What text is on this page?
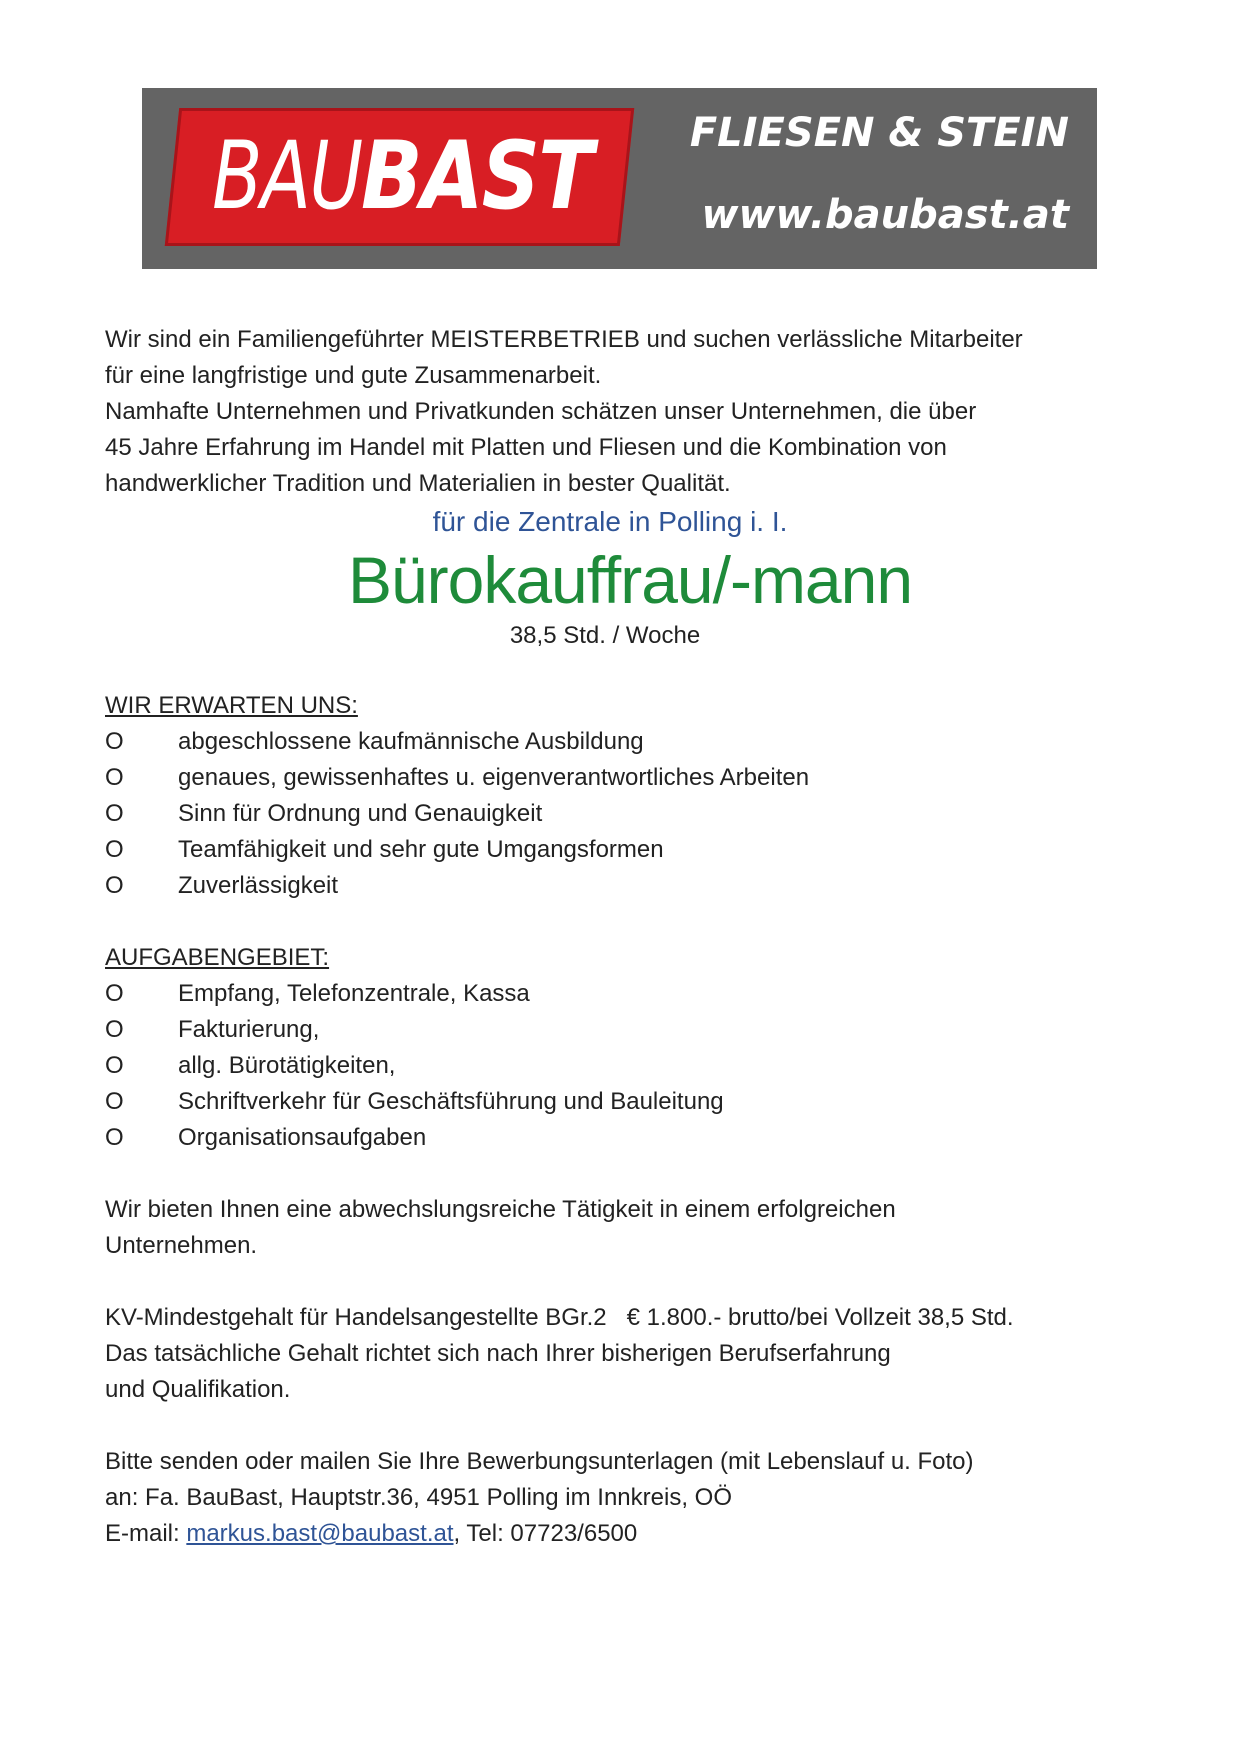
BAU BAST FLIESEN & STEIN
www.baubast.at

Wir sind ein Familiengeführter MEISTERBETRIEB und suchen verlässliche Mitarbeiter

für eine langfristige und gute Zusammenarbeit.

Namhafte Unternehmen und Privatkunden schätzen unser Unternehmen, die über

45 Jahre Erfahrung im Handel mit Platten und Fliesen und die Kombination von

handwerklicher Tradition und Materialien in bester Qualität.

für die Zentrale in Polling i. I.

Bürokauffrau/-mann

38,5 Std. / Woche

WIR ERWARTEN UNS:

O	abgeschlossene kaufmännische Ausbildung
O	genaues, gewissenhaftes u. eigenverantwortliches Arbeiten
O	Sinn für Ordnung und Genauigkeit
O	Teamfähigkeit und sehr gute Umgangsformen
O	Zuverlässigkeit

AUFGABENGEBIET:

O	Empfang, Telefonzentrale, Kassa
O	Fakturierung,
O	allg. Bürotätigkeiten,
O	Schriftverkehr für Geschäftsführung und Bauleitung
O	Organisationsaufgaben

Wir bieten Ihnen eine abwechslungsreiche Tätigkeit in einem erfolgreichen

Unternehmen.

KV-Mindestgehalt für Handelsangestellte BGr.2   € 1.800.- brutto/bei Vollzeit 38,5 Std.

Das tatsächliche Gehalt richtet sich nach Ihrer bisherigen Berufserfahrung

und Qualifikation.

Bitte senden oder mailen Sie Ihre Bewerbungsunterlagen (mit Lebenslauf u. Foto)

an: Fa. BauBast, Hauptstr.36, 4951 Polling im Innkreis, OÖ

E-mail: markus.bast@baubast.at, Tel: 07723/6500
